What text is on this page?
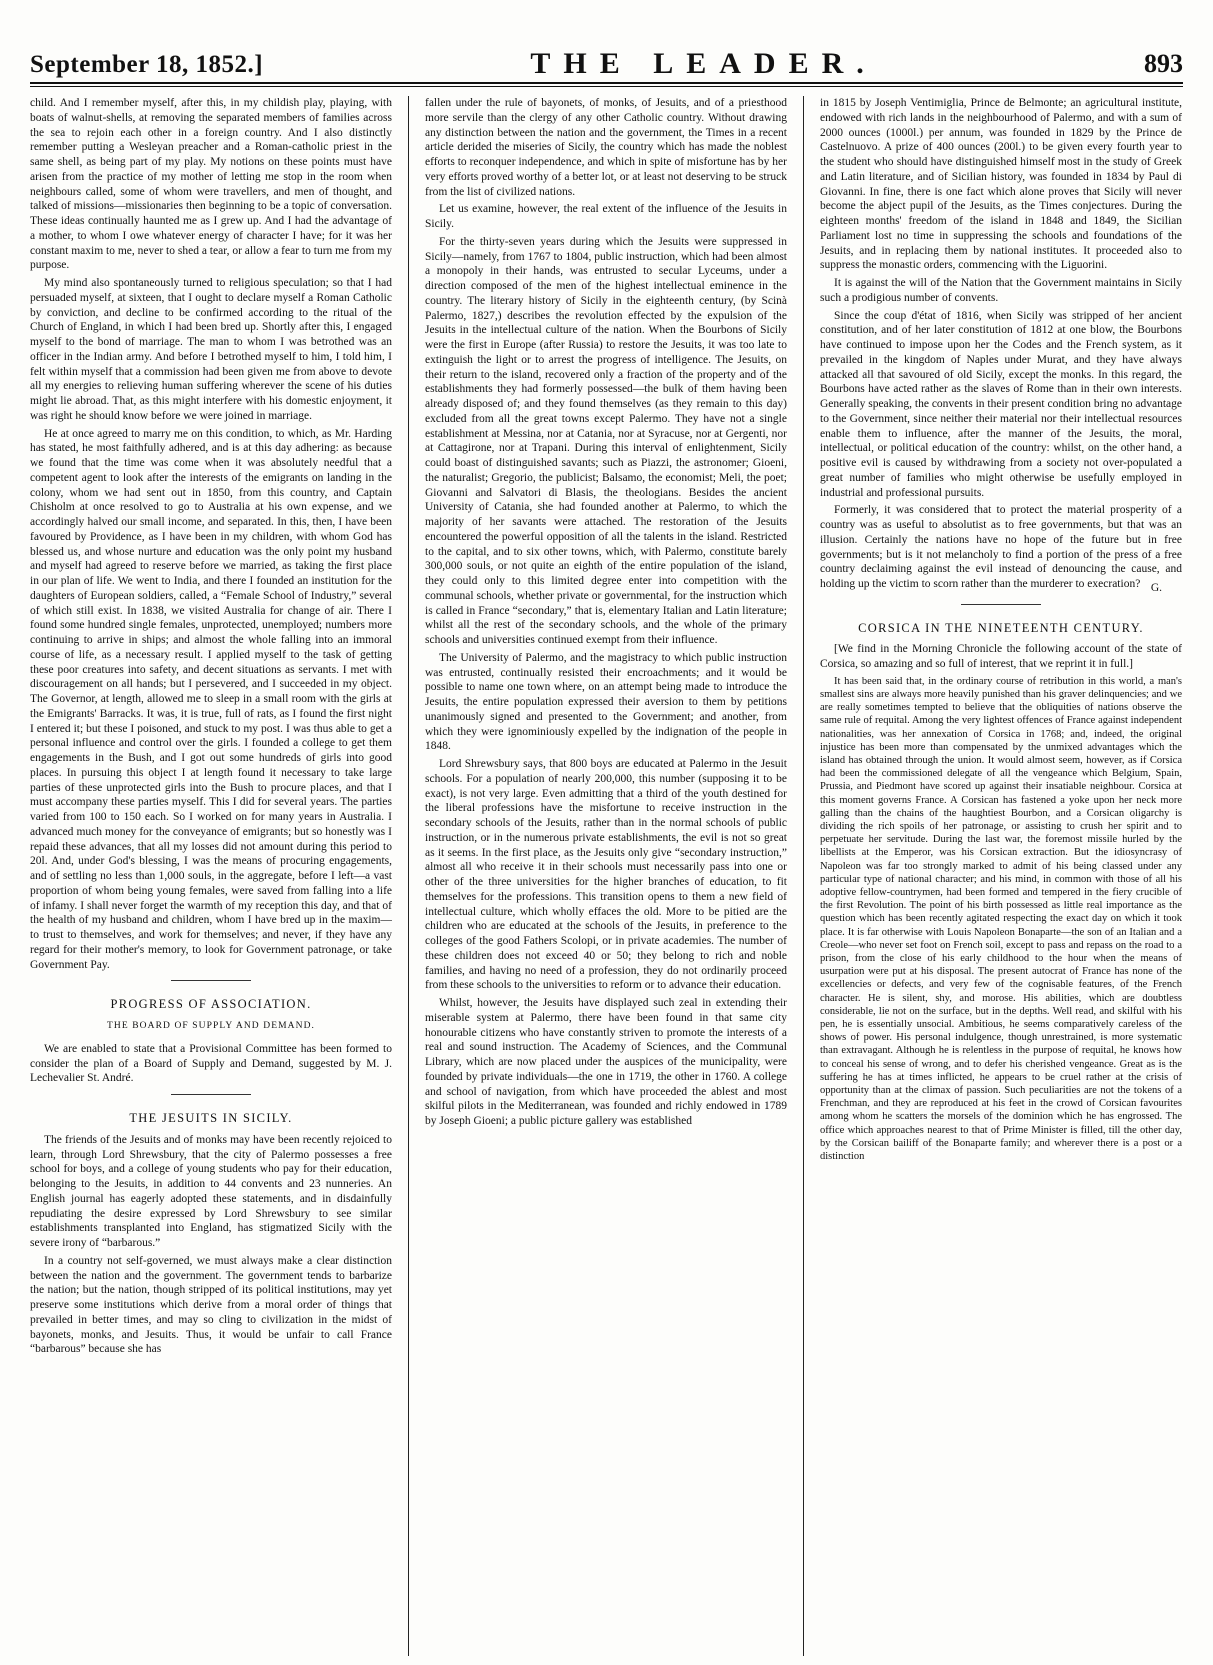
September 18, 1852.]	THE LEADER.	893

child. And I remember myself, after this, in my childish play, playing, with boats of walnut-shells, at removing the separated members of families across the sea to rejoin each other in a foreign country. And I also distinctly remember putting a Wesleyan preacher and a Roman-catholic priest in the same shell, as being part of my play. My notions on these points must have arisen from the practice of my mother of letting me stop in the room when neighbours called, some of whom were travellers, and men of thought, and talked of missions—missionaries then beginning to be a topic of conversation. These ideas continually haunted me as I grew up. And I had the advantage of a mother, to whom I owe whatever energy of character I have; for it was her constant maxim to me, never to shed a tear, or allow a fear to turn me from my purpose.

My mind also spontaneously turned to religious speculation; so that I had persuaded myself, at sixteen, that I ought to declare myself a Roman Catholic by conviction, and decline to be confirmed according to the ritual of the Church of England, in which I had been bred up. Shortly after this, I engaged myself to the bond of marriage. The man to whom I was betrothed was an officer in the Indian army. And before I betrothed myself to him, I told him, I felt within myself that a commission had been given me from above to devote all my energies to relieving human suffering wherever the scene of his duties might lie abroad. That, as this might interfere with his domestic enjoyment, it was right he should know before we were joined in marriage.

He at once agreed to marry me on this condition, to which, as Mr. Harding has stated, he most faithfully adhered, and is at this day adhering: as because we found that the time was come when it was absolutely needful that a competent agent to look after the interests of the emigrants on landing in the colony, whom we had sent out in 1850, from this country, and Captain Chisholm at once resolved to go to Australia at his own expense, and we accordingly halved our small income, and separated. In this, then, I have been favoured by Providence, as I have been in my children, with whom God has blessed us, and whose nurture and education was the only point my husband and myself had agreed to reserve before we married, as taking the first place in our plan of life. We went to India, and there I founded an institution for the daughters of European soldiers, called, a “Female School of Industry,” several of which still exist. In 1838, we visited Australia for change of air. There I found some hundred single females, unprotected, unemployed; numbers more continuing to arrive in ships; and almost the whole falling into an immoral course of life, as a necessary result. I applied myself to the task of getting these poor creatures into safety, and decent situations as servants. I met with discouragement on all hands; but I persevered, and I succeeded in my object. The Governor, at length, allowed me to sleep in a small room with the girls at the Emigrants' Barracks. It was, it is true, full of rats, as I found the first night I entered it; but these I poisoned, and stuck to my post. I was thus able to get a personal influence and control over the girls. I founded a college to get them engagements in the Bush, and I got out some hundreds of girls into good places. In pursuing this object I at length found it necessary to take large parties of these unprotected girls into the Bush to procure places, and that I must accompany these parties myself. This I did for several years. The parties varied from 100 to 150 each. So I worked on for many years in Australia. I advanced much money for the conveyance of emigrants; but so honestly was I repaid these advances, that all my losses did not amount during this period to 20l. And, under God's blessing, I was the means of procuring engagements, and of settling no less than 1,000 souls, in the aggregate, before I left—a vast proportion of whom being young females, were saved from falling into a life of infamy. I shall never forget the warmth of my reception this day, and that of the health of my husband and children, whom I have bred up in the maxim—to trust to themselves, and work for themselves; and never, if they have any regard for their mother's memory, to look for Government patronage, or take Government Pay.

PROGRESS OF ASSOCIATION.
THE BOARD OF SUPPLY AND DEMAND.

We are enabled to state that a Provisional Committee has been formed to consider the plan of a Board of Supply and Demand, suggested by M. J. Lechevalier St. André.

THE JESUITS IN SICILY.

The friends of the Jesuits and of monks may have been recently rejoiced to learn, through Lord Shrewsbury, that the city of Palermo possesses a free school for boys, and a college of young students who pay for their education, belonging to the Jesuits, in addition to 44 convents and 23 nunneries. An English journal has eagerly adopted these statements, and in disdainfully repudiating the desire expressed by Lord Shrewsbury to see similar establishments transplanted into England, has stigmatized Sicily with the severe irony of “barbarous.”

In a country not self-governed, we must always make a clear distinction between the nation and the government. The government tends to barbarize the nation; but the nation, though stripped of its political institutions, may yet preserve some institutions which derive from a moral order of things that prevailed in better times, and may so cling to civilization in the midst of bayonets, monks, and Jesuits. Thus, it would be unfair to call France “barbarous” because she has

fallen under the rule of bayonets, of monks, of Jesuits, and of a priesthood more servile than the clergy of any other Catholic country. Without drawing any distinction between the nation and the government, the Times in a recent article derided the miseries of Sicily, the country which has made the noblest efforts to reconquer independence, and which in spite of misfortune has by her very efforts proved worthy of a better lot, or at least not deserving to be struck from the list of civilized nations.

Let us examine, however, the real extent of the influence of the Jesuits in Sicily.

For the thirty-seven years during which the Jesuits were suppressed in Sicily—namely, from 1767 to 1804, public instruction, which had been almost a monopoly in their hands, was entrusted to secular Lyceums, under a direction composed of the men of the highest intellectual eminence in the country. The literary history of Sicily in the eighteenth century, (by Scinà Palermo, 1827,) describes the revolution effected by the expulsion of the Jesuits in the intellectual culture of the nation. When the Bourbons of Sicily were the first in Europe (after Russia) to restore the Jesuits, it was too late to extinguish the light or to arrest the progress of intelligence. The Jesuits, on their return to the island, recovered only a fraction of the property and of the establishments they had formerly possessed—the bulk of them having been already disposed of; and they found themselves (as they remain to this day) excluded from all the great towns except Palermo. They have not a single establishment at Messina, nor at Catania, nor at Syracuse, nor at Gergenti, nor at Cattagirone, nor at Trapani. During this interval of enlightenment, Sicily could boast of distinguished savants; such as Piazzi, the astronomer; Gioeni, the naturalist; Gregorio, the publicist; Balsamo, the economist; Meli, the poet; Giovanni and Salvatori di Blasis, the theologians. Besides the ancient University of Catania, she had founded another at Palermo, to which the majority of her savants were attached. The restoration of the Jesuits encountered the powerful opposition of all the talents in the island. Restricted to the capital, and to six other towns, which, with Palermo, constitute barely 300,000 souls, or not quite an eighth of the entire population of the island, they could only to this limited degree enter into competition with the communal schools, whether private or governmental, for the instruction which is called in France “secondary,” that is, elementary Italian and Latin literature; whilst all the rest of the secondary schools, and the whole of the primary schools and universities continued exempt from their influence.

The University of Palermo, and the magistracy to which public instruction was entrusted, continually resisted their encroachments; and it would be possible to name one town where, on an attempt being made to introduce the Jesuits, the entire population expressed their aversion to them by petitions unanimously signed and presented to the Government; and another, from which they were ignominiously expelled by the indignation of the people in 1848.

Lord Shrewsbury says, that 800 boys are educated at Palermo in the Jesuit schools. For a population of nearly 200,000, this number (supposing it to be exact), is not very large. Even admitting that a third of the youth destined for the liberal professions have the misfortune to receive instruction in the secondary schools of the Jesuits, rather than in the normal schools of public instruction, or in the numerous private establishments, the evil is not so great as it seems. In the first place, as the Jesuits only give “secondary instruction,” almost all who receive it in their schools must necessarily pass into one or other of the three universities for the higher branches of education, to fit themselves for the professions. This transition opens to them a new field of intellectual culture, which wholly effaces the old. More to be pitied are the children who are educated at the schools of the Jesuits, in preference to the colleges of the good Fathers Scolopi, or in private academies. The number of these children does not exceed 40 or 50; they belong to rich and noble families, and having no need of a profession, they do not ordinarily proceed from these schools to the universities to reform or to advance their education.

Whilst, however, the Jesuits have displayed such zeal in extending their miserable system at Palermo, there have been found in that same city honourable citizens who have constantly striven to promote the interests of a real and sound instruction. The Academy of Sciences, and the Communal Library, which are now placed under the auspices of the municipality, were founded by private individuals—the one in 1719, the other in 1760. A college and school of navigation, from which have proceeded the ablest and most skilful pilots in the Mediterranean, was founded and richly endowed in 1789 by Joseph Gioeni; a public picture gallery was established

in 1815 by Joseph Ventimiglia, Prince de Belmonte; an agricultural institute, endowed with rich lands in the neighbourhood of Palermo, and with a sum of 2000 ounces (1000l.) per annum, was founded in 1829 by the Prince de Castelnuovo. A prize of 400 ounces (200l.) to be given every fourth year to the student who should have distinguished himself most in the study of Greek and Latin literature, and of Sicilian history, was founded in 1834 by Paul di Giovanni. In fine, there is one fact which alone proves that Sicily will never become the abject pupil of the Jesuits, as the Times conjectures. During the eighteen months' freedom of the island in 1848 and 1849, the Sicilian Parliament lost no time in suppressing the schools and foundations of the Jesuits, and in replacing them by national institutes. It proceeded also to suppress the monastic orders, commencing with the Liguorini.

It is against the will of the Nation that the Government maintains in Sicily such a prodigious number of convents.

Since the coup d'état of 1816, when Sicily was stripped of her ancient constitution, and of her later constitution of 1812 at one blow, the Bourbons have continued to impose upon her the Codes and the French system, as it prevailed in the kingdom of Naples under Murat, and they have always attacked all that savoured of old Sicily, except the monks. In this regard, the Bourbons have acted rather as the slaves of Rome than in their own interests. Generally speaking, the convents in their present condition bring no advantage to the Government, since neither their material nor their intellectual resources enable them to influence, after the manner of the Jesuits, the moral, intellectual, or political education of the country: whilst, on the other hand, a positive evil is caused by withdrawing from a society not over-populated a great number of families who might otherwise be usefully employed in industrial and professional pursuits.

Formerly, it was considered that to protect the material prosperity of a country was as useful to absolutist as to free governments, but that was an illusion. Certainly the nations have no hope of the future but in free governments; but is it not melancholy to find a portion of the press of a free country declaiming against the evil instead of denouncing the cause, and holding up the victim to scorn rather than the murderer to execration? G.
CORSICA IN THE NINETEENTH CENTURY.

[We find in the Morning Chronicle the following account of the state of Corsica, so amazing and so full of interest, that we reprint it in full.]

It has been said that, in the ordinary course of retribution in this world, a man's smallest sins are always more heavily punished than his graver delinquencies; and we are really sometimes tempted to believe that the obliquities of nations observe the same rule of requital. Among the very lightest offences of France against independent nationalities, was her annexation of Corsica in 1768; and, indeed, the original injustice has been more than compensated by the unmixed advantages which the island has obtained through the union. It would almost seem, however, as if Corsica had been the commissioned delegate of all the vengeance which Belgium, Spain, Prussia, and Piedmont have scored up against their insatiable neighbour. Corsica at this moment governs France. A Corsican has fastened a yoke upon her neck more galling than the chains of the haughtiest Bourbon, and a Corsican oligarchy is dividing the rich spoils of her patronage, or assisting to crush her spirit and to perpetuate her servitude. During the last war, the foremost missile hurled by the libellists at the Emperor, was his Corsican extraction. But the idiosyncrasy of Napoleon was far too strongly marked to admit of his being classed under any particular type of national character; and his mind, in common with those of all his adoptive fellow-countrymen, had been formed and tempered in the fiery crucible of the first Revolution. The point of his birth possessed as little real importance as the question which has been recently agitated respecting the exact day on which it took place. It is far otherwise with Louis Napoleon Bonaparte—the son of an Italian and a Creole—who never set foot on French soil, except to pass and repass on the road to a prison, from the close of his early childhood to the hour when the means of usurpation were put at his disposal. The present autocrat of France has none of the excellencies or defects, and very few of the cognisable features, of the French character. He is silent, shy, and morose. His abilities, which are doubtless considerable, lie not on the surface, but in the depths. Well read, and skilful with his pen, he is essentially unsocial. Ambitious, he seems comparatively careless of the shows of power. His personal indulgence, though unrestrained, is more systematic than extravagant. Although he is relentless in the purpose of requital, he knows how to conceal his sense of wrong, and to defer his cherished vengeance. Great as is the suffering he has at times inflicted, he appears to be cruel rather at the crisis of opportunity than at the climax of passion. Such peculiarities are not the tokens of a Frenchman, and they are reproduced at his feet in the crowd of Corsican favourites among whom he scatters the morsels of the dominion which he has engrossed. The office which approaches nearest to that of Prime Minister is filled, till the other day, by the Corsican bailiff of the Bonaparte family; and wherever there is a post or a distinction
